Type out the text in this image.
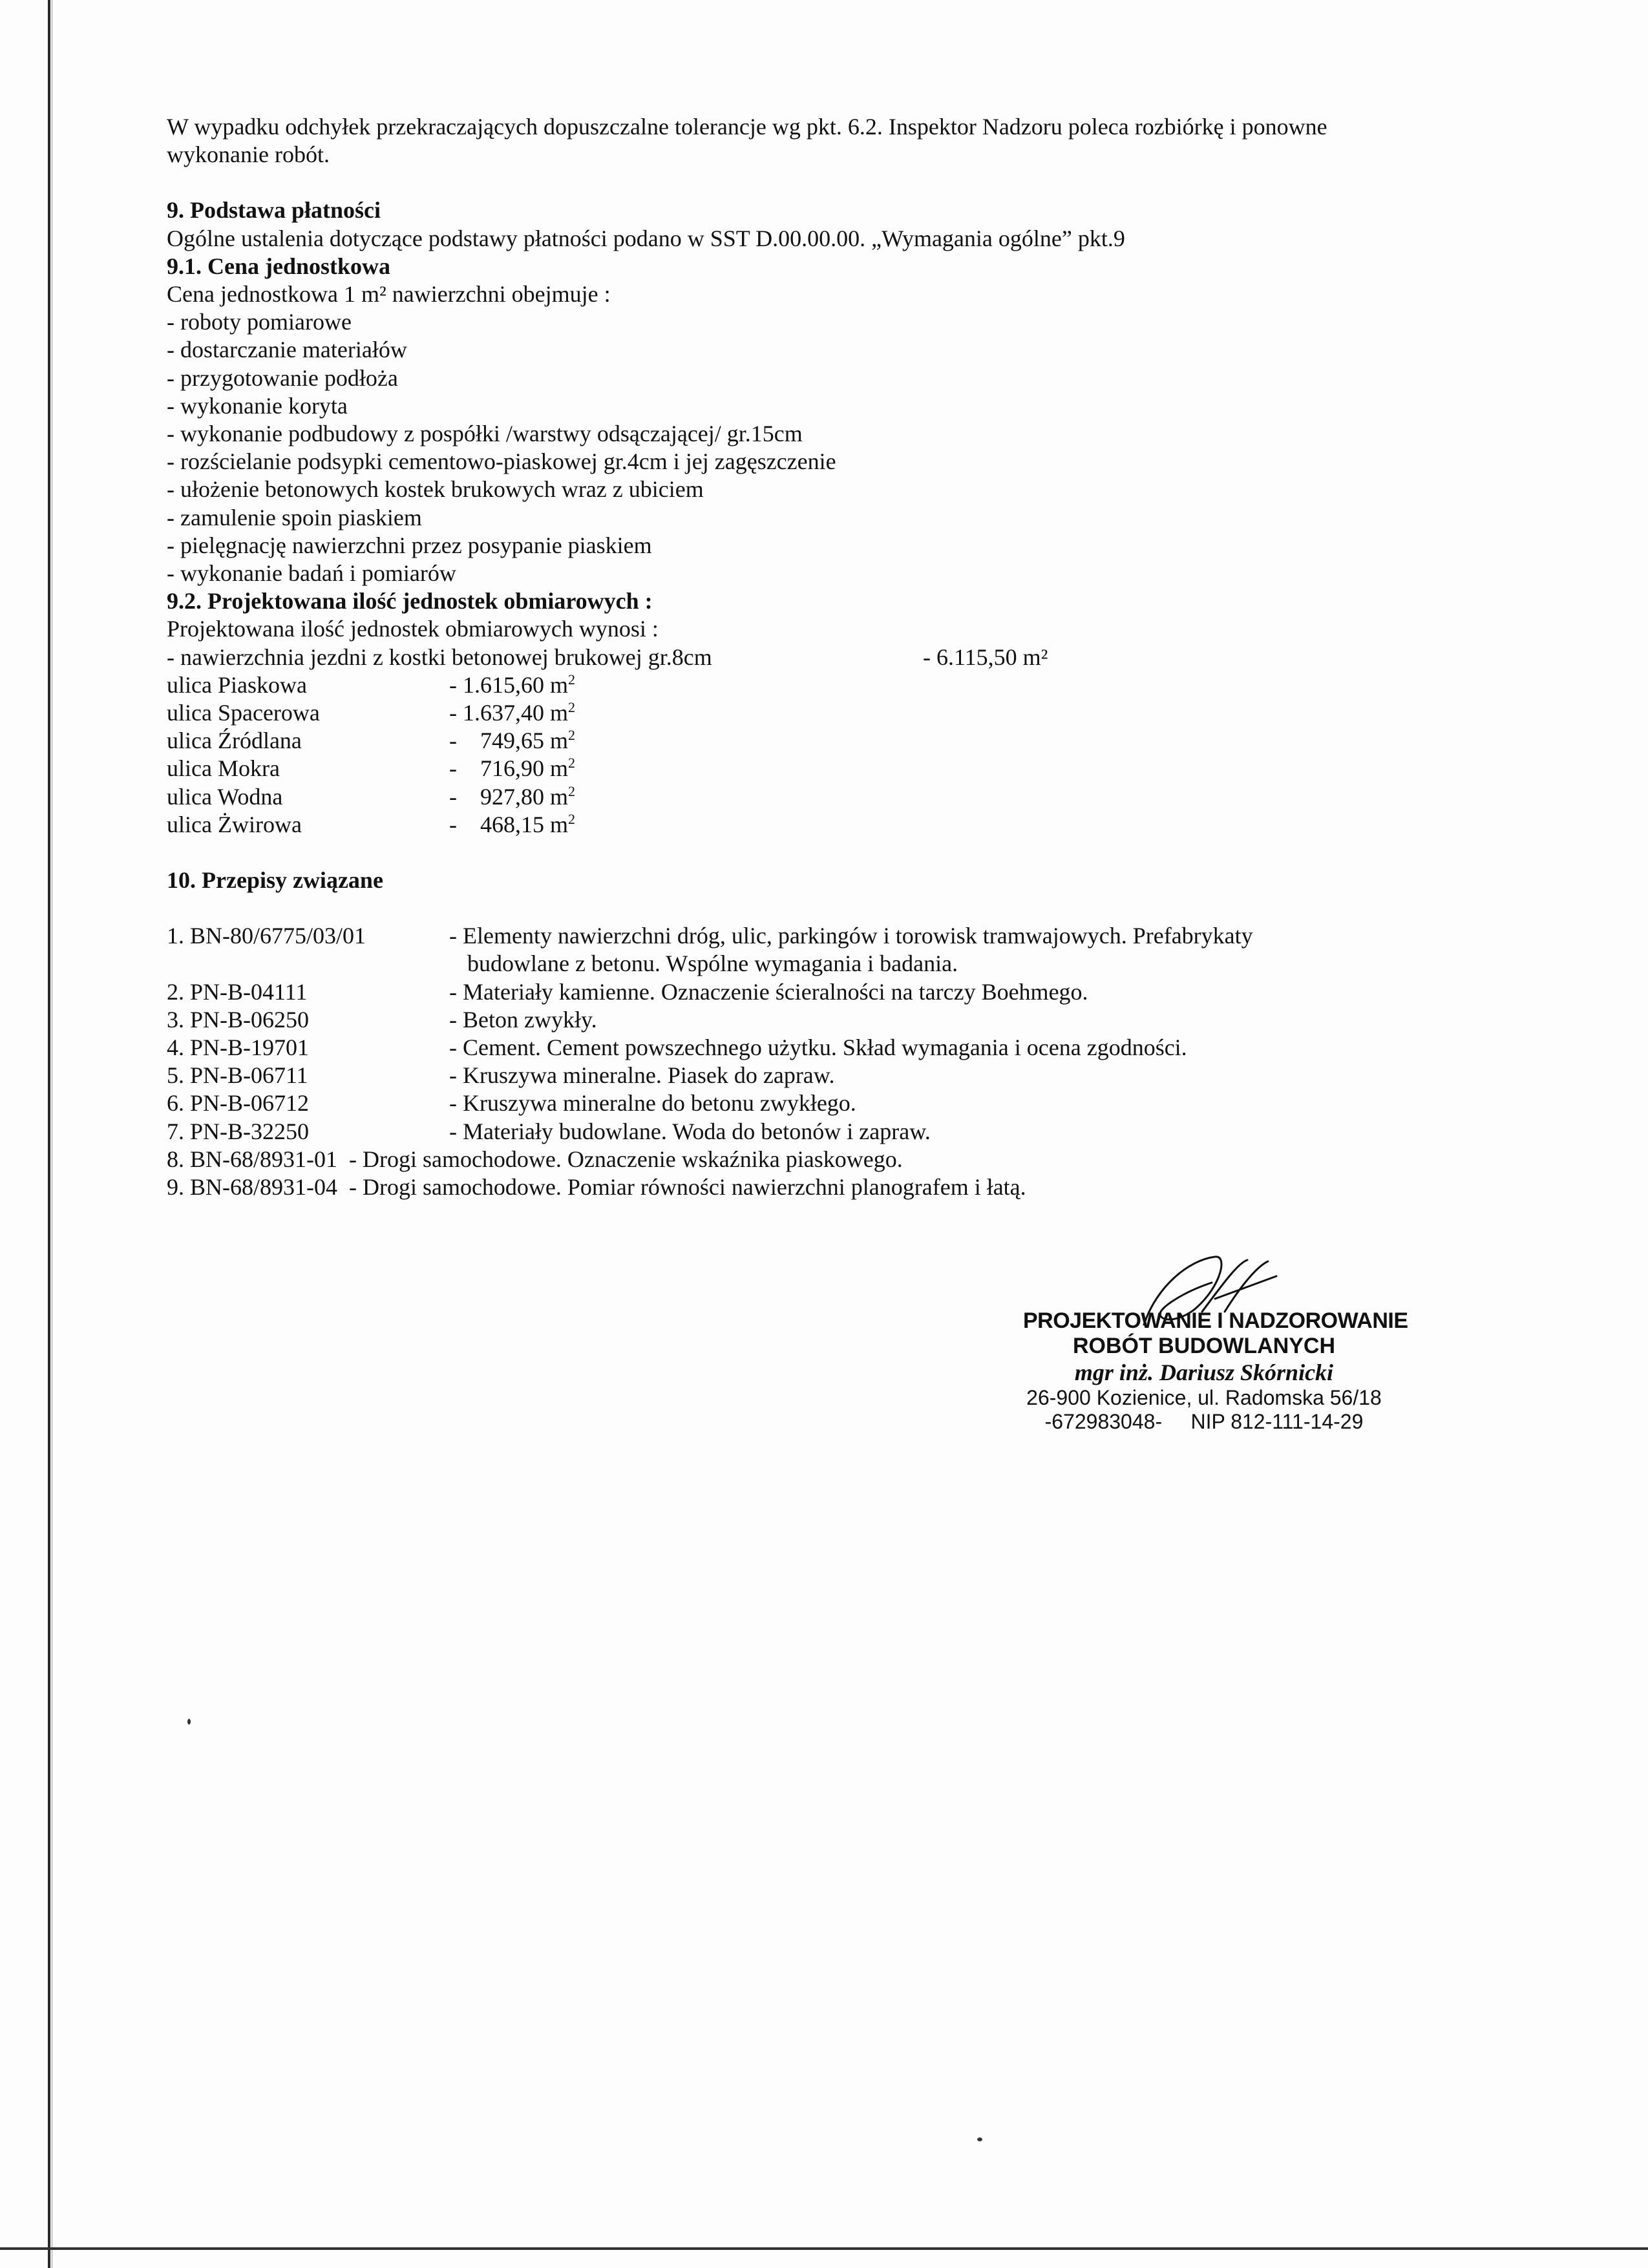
W wypadku odchyłek przekraczających dopuszczalne tolerancje wg pkt. 6.2. Inspektor Nadzoru poleca rozbiórkę i ponowne
wykonanie robót.
9. Podstawa płatności
Ogólne ustalenia dotyczące podstawy płatności podano w SST D.00.00.00. „Wymagania ogólne” pkt.9
9.1. Cena jednostkowa
Cena jednostkowa 1 m² nawierzchni obejmuje :
- roboty pomiarowe
- dostarczanie materiałów
- przygotowanie podłoża
- wykonanie koryta
- wykonanie podbudowy z pospółki /warstwy odsączającej/ gr.15cm
- rozścielanie podsypki cementowo-piaskowej gr.4cm i jej zagęszczenie
- ułożenie betonowych kostek brukowych wraz z ubiciem
- zamulenie spoin piaskiem
- pielęgnację nawierzchni przez posypanie piaskiem
- wykonanie badań i pomiarów
9.2. Projektowana ilość jednostek obmiarowych :
Projektowana ilość jednostek obmiarowych wynosi :
- nawierzchnia jezdni z kostki betonowej brukowej gr.8cm	- 6.115,50 m²
ulica Piaskowa	- 1.615,60 $m^2$
ulica Spacerowa	- 1.637,40 $m^2$
ulica Źródlana	-    749,65 $m^2$
ulica Mokra	-    716,90 $m^2$
ulica Wodna	-    927,80 $m^2$
ulica Żwirowa	-    468,15 $m^2$
10. Przepisy związane
1. BN-80/6775/03/01	- Elementy nawierzchni dróg, ulic, parkingów i torowisk tramwajowych. Prefabrykaty
budowlane z betonu. Wspólne wymagania i badania.
2. PN-B-04111	- Materiały kamienne. Oznaczenie ścieralności na tarczy Boehmego.
3. PN-B-06250	- Beton zwykły.
4. PN-B-19701	- Cement. Cement powszechnego użytku. Skład wymagania i ocena zgodności.
5. PN-B-06711	- Kruszywa mineralne. Piasek do zapraw.
6. PN-B-06712	- Kruszywa mineralne do betonu zwykłego.
7. PN-B-32250	- Materiały budowlane. Woda do betonów i zapraw.
8. BN-68/8931-01  - Drogi samochodowe. Oznaczenie wskaźnika piaskowego.
9. BN-68/8931-04  - Drogi samochodowe. Pomiar równości nawierzchni planografem i łatą.
PROJEKTOWANIE I NADZOROWANIE
ROBÓT BUDOWLANYCH
mgr inż. Dariusz Skórnicki
26-900 Kozienice, ul. Radomska 56/18
-672983048-     NIP 812-111-14-29
